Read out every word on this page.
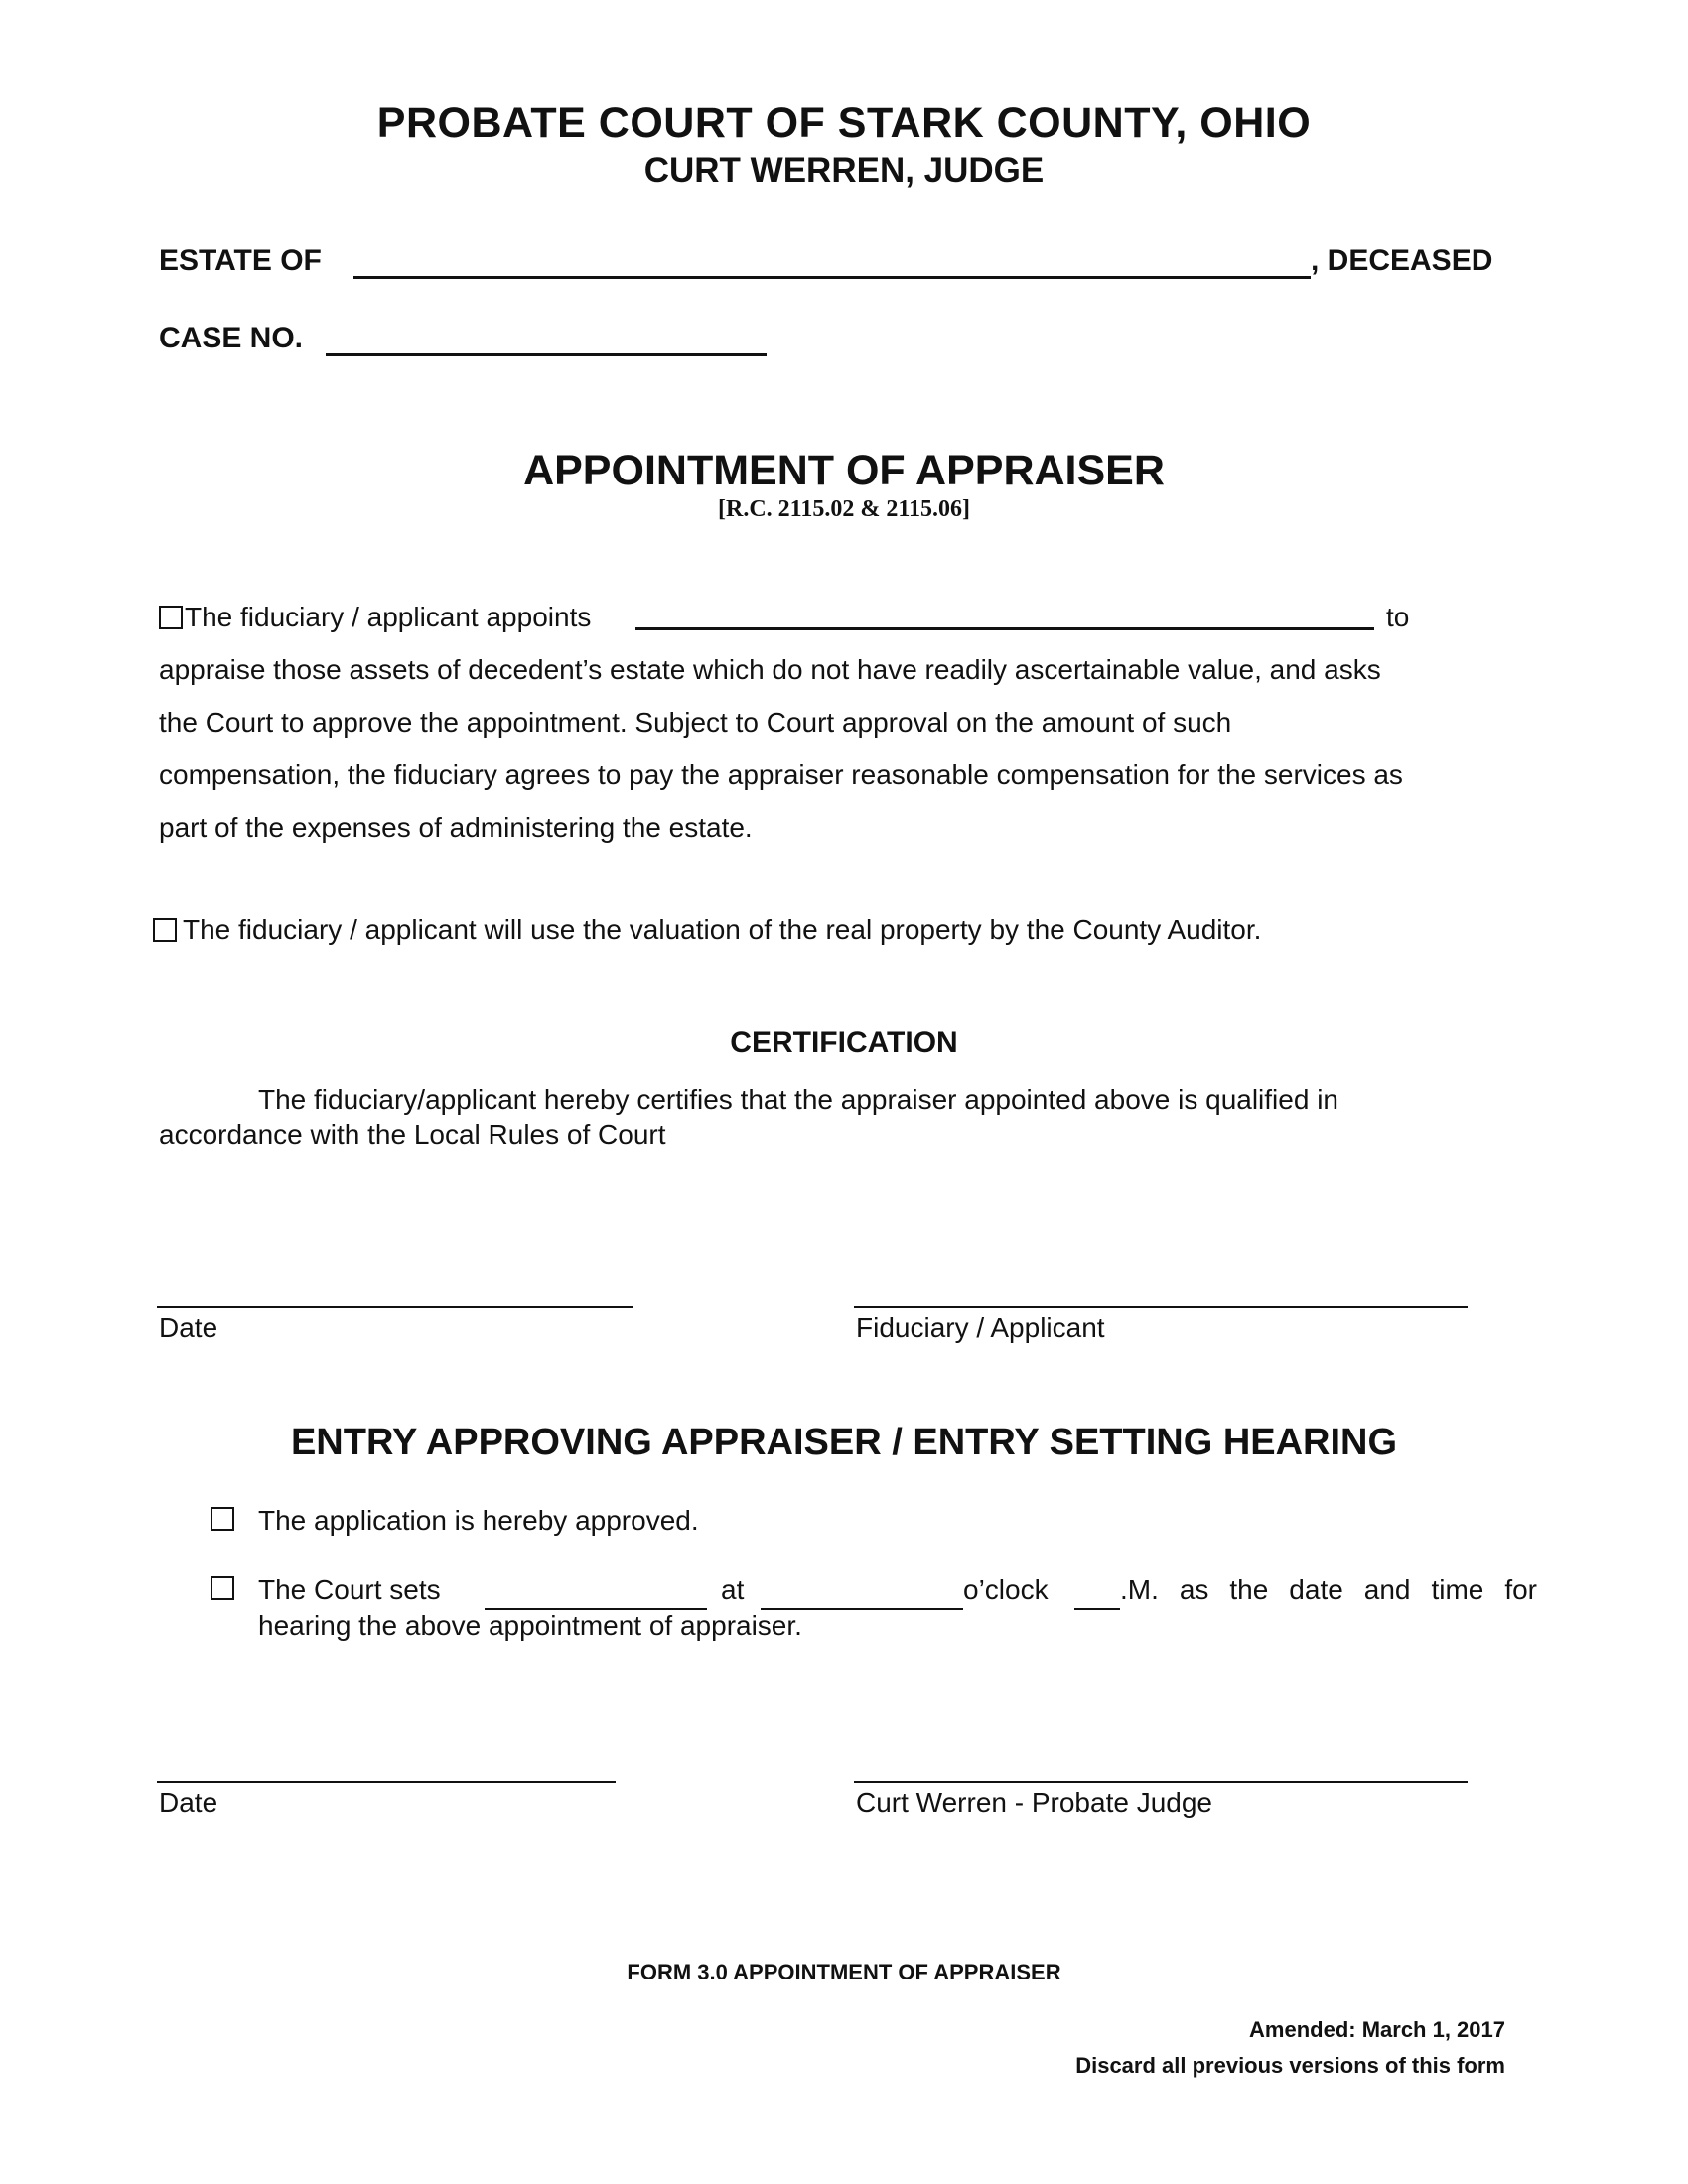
PROBATE COURT OF STARK COUNTY, OHIO
CURT WERREN, JUDGE
ESTATE OF	, DECEASED
CASE NO.
APPOINTMENT OF APPRAISER
[R.C. 2115.02 & 2115.06]
The fiduciary / applicant appoints	to
appraise those assets of decedent’s estate which do not have readily ascertainable value, and asks
the Court to approve the appointment. Subject to Court approval on the amount of such
compensation, the fiduciary agrees to pay the appraiser reasonable compensation for the services as
part of the expenses of administering the estate.
The fiduciary / applicant will use the valuation of the real property by the County Auditor.
CERTIFICATION
The fiduciary/applicant hereby certifies that the appraiser appointed above is qualified in
accordance with the Local Rules of Court
Date	Fiduciary / Applicant
ENTRY APPROVING APPRAISER / ENTRY SETTING HEARING
The application is hereby approved.
The Court sets	at	o’clock	.M. as the date and time for
hearing the above appointment of appraiser.
Date	Curt Werren - Probate Judge
FORM 3.0 APPOINTMENT OF APPRAISER
Amended: March 1, 2017
Discard all previous versions of this form
